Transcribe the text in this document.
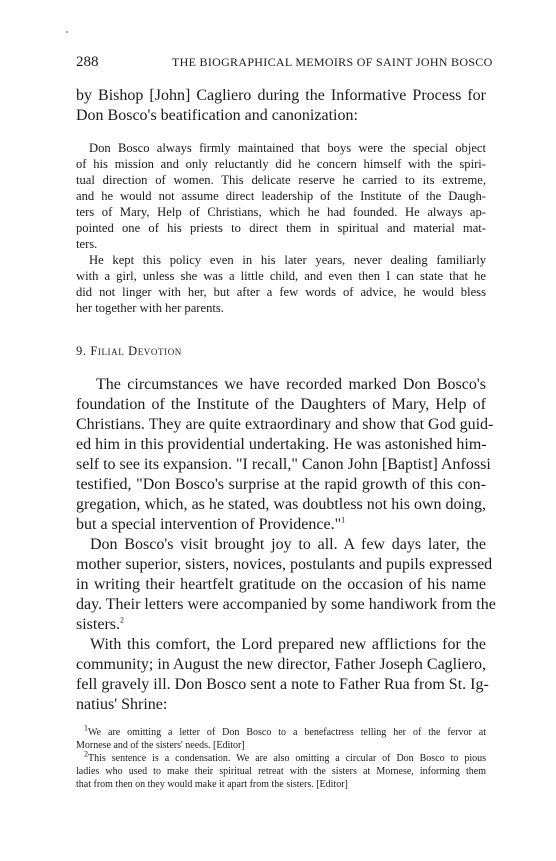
288	THE BIOGRAPHICAL MEMOIRS OF SAINT JOHN BOSCO
by Bishop [John] Cagliero during the Informative Process for
Don Bosco's beatification and canonization:
Don Bosco always firmly maintained that boys were the special object
of his mission and only reluctantly did he concern himself with the spiri-
tual direction of women. This delicate reserve he carried to its extreme,
and he would not assume direct leadership of the Institute of the Daugh-
ters of Mary, Help of Christians, which he had founded. He always ap-
pointed one of his priests to direct them in spiritual and material mat-
ters.
He kept this policy even in his later years, never dealing familiarly
with a girl, unless she was a little child, and even then I can state that he
did not linger with her, but after a few words of advice, he would bless
her together with her parents.
9. Filial Devotion
The circumstances we have recorded marked Don Bosco's
foundation of the Institute of the Daughters of Mary, Help of
Christians. They are quite extraordinary and show that God guid-
ed him in this providential undertaking. He was astonished him-
self to see its expansion. "I recall," Canon John [Baptist] Anfossi
testified, "Don Bosco's surprise at the rapid growth of this con-
gregation, which, as he stated, was doubtless not his own doing,
but a special intervention of Providence."$^1$
Don Bosco's visit brought joy to all. A few days later, the
mother superior, sisters, novices, postulants and pupils expressed
in writing their heartfelt gratitude on the occasion of his name
day. Their letters were accompanied by some handiwork from the
sisters.$^2$
With this comfort, the Lord prepared new afflictions for the
community; in August the new director, Father Joseph Cagliero,
fell gravely ill. Don Bosco sent a note to Father Rua from St. Ig-
natius' Shrine:
$^1$We are omitting a letter of Don Bosco to a benefactress telling her of the fervor at
Mornese and of the sisters' needs. [Editor]
$^2$This sentence is a condensation. We are also omitting a circular of Don Bosco to pious
ladies who used to make their spiritual retreat with the sisters at Mornese, informing them
that from then on they would make it apart from the sisters. [Editor]
